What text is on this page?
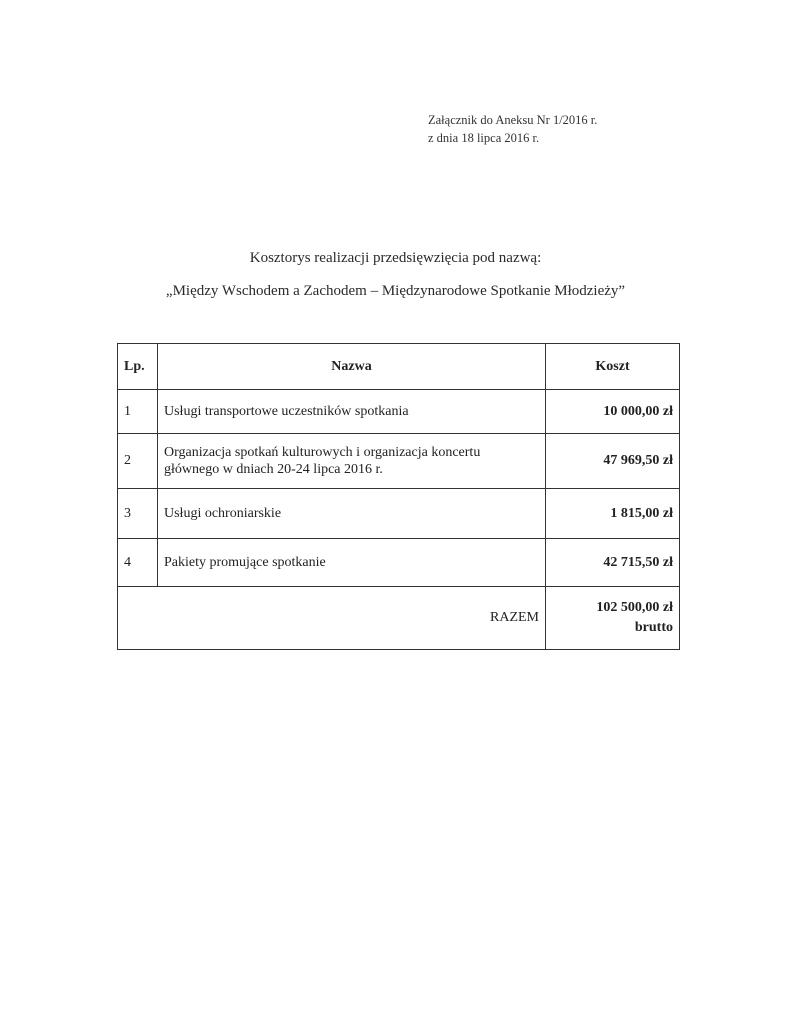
Załącznik do Aneksu Nr 1/2016 r.
z dnia 18 lipca 2016 r.
Kosztorys realizacji przedsięwzięcia pod nazwą:
„Między Wschodem a Zachodem – Międzynarodowe Spotkanie Młodzieży”
Lp.	Nazwa	Koszt
1	Usługi transportowe uczestników spotkania	10 000,00 zł
2	Organizacja spotkań kulturowych i organizacja koncertu głównego w dniach 20-24 lipca 2016 r.	47 969,50 zł
3	Usługi ochroniarskie	1 815,00 zł
4	Pakiety promujące spotkanie	42 715,50 zł
RAZEM		102 500,00 zł
brutto
